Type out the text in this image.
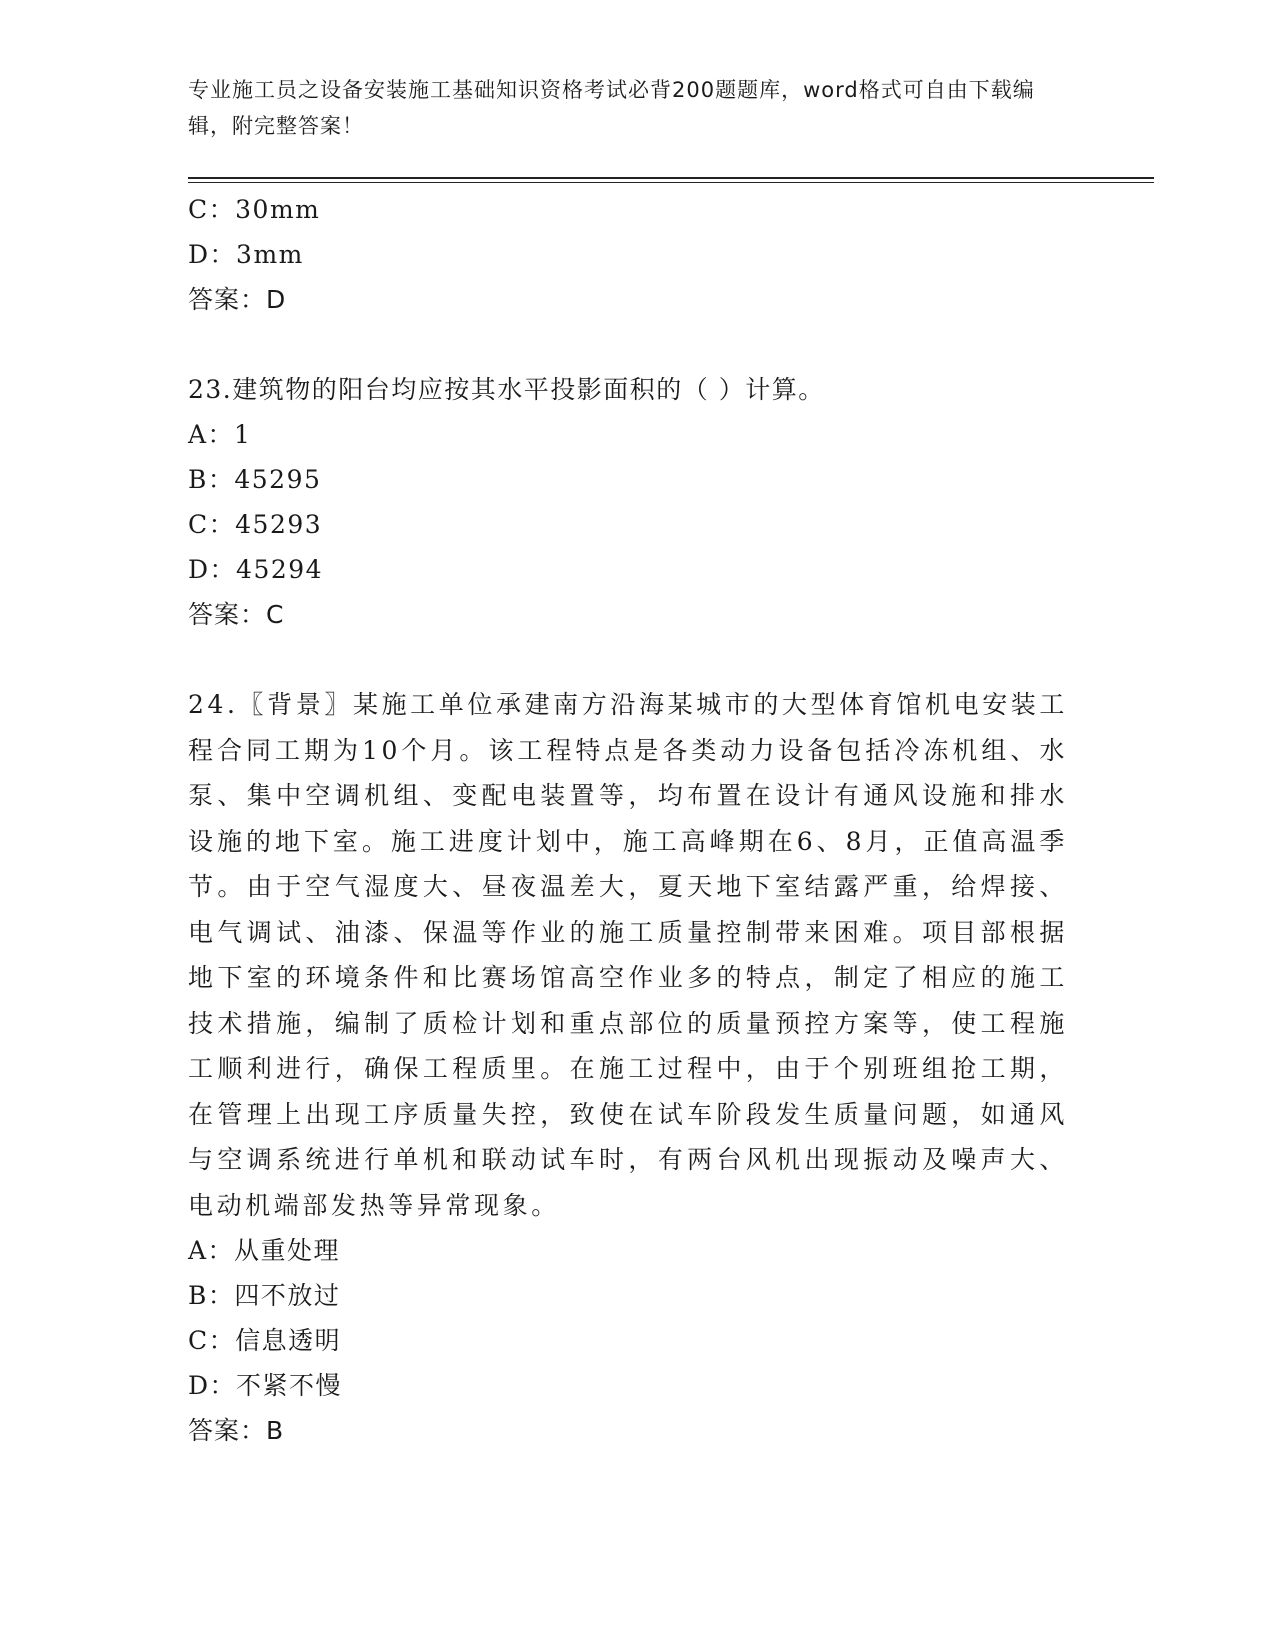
专业施工员之设备安装施工基础知识资格考试必背200题题库，word格式可自由下载编辑，附完整答案！
C：30mm
D：3mm
答案：D
23.建筑物的阳台均应按其水平投影面积的（ ）计算。
A：1
B：45295
C：45293
D：45294
答案：C
24.〖背景〗某施工单位承建南方沿海某城市的大型体育馆机电安装工程合同工期为10个月。该工程特点是各类动力设备包括冷冻机组、水泵、集中空调机组、变配电装置等，均布置在设计有通风设施和排水设施的地下室。施工进度计划中，施工高峰期在6、8月，正值高温季节。由于空气湿度大、昼夜温差大，夏天地下室结露严重，给焊接、电气调试、油漆、保温等作业的施工质量控制带来困难。项目部根据地下室的环境条件和比赛场馆高空作业多的特点，制定了相应的施工技术措施，编制了质检计划和重点部位的质量预控方案等，使工程施工顺利进行，确保工程质里。在施工过程中，由于个别班组抢工期，在管理上出现工序质量失控，致使在试车阶段发生质量问题，如通风与空调系统进行单机和联动试车时，有两台风机出现振动及噪声大、电动机端部发热等异常现象。
A：从重处理
B：四不放过
C：信息透明
D：不紧不慢
答案：B
